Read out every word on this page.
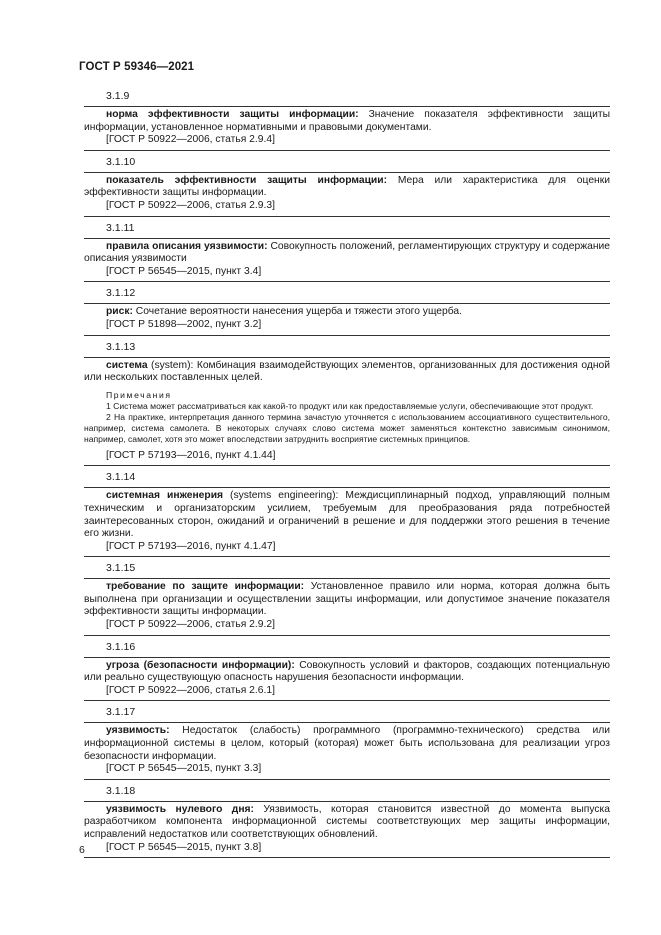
ГОСТ Р 59346—2021
3.1.9

норма эффективности защиты информации: Значение показателя эффективности защиты информации, установленное нормативными и правовыми документами.

[ГОСТ Р 50922—2006, статья 2.9.4]

3.1.10

показатель эффективности защиты информации: Мера или характеристика для оценки эффективности защиты информации.

[ГОСТ Р 50922—2006, статья 2.9.3]

3.1.11

правила описания уязвимости: Совокупность положений, регламентирующих структуру и содержание описания уязвимости

[ГОСТ Р 56545—2015, пункт 3.4]

3.1.12

риск: Сочетание вероятности нанесения ущерба и тяжести этого ущерба.

[ГОСТ Р 51898—2002, пункт 3.2]

3.1.13

система (system): Комбинация взаимодействующих элементов, организованных для достижения одной или нескольких поставленных целей.

Примечания

1 Система может рассматриваться как какой-то продукт или как предоставляемые услуги, обеспечивающие этот продукт.

2 На практике, интерпретация данного термина зачастую уточняется с использованием ассоциативного существительного, например, система самолета. В некоторых случаях слово система может заменяться контекстно зависимым синонимом, например, самолет, хотя это может впоследствии затруднить восприятие системных принципов.

[ГОСТ Р 57193—2016, пункт 4.1.44]

3.1.14

системная инженерия (systems engineering): Междисциплинарный подход, управляющий полным техническим и организаторским усилием, требуемым для преобразования ряда потребностей заинтересованных сторон, ожиданий и ограничений в решение и для поддержки этого решения в течение его жизни.

[ГОСТ Р 57193—2016, пункт 4.1.47]

3.1.15

требование по защите информации: Установленное правило или норма, которая должна быть выполнена при организации и осуществлении защиты информации, или допустимое значение показателя эффективности защиты информации.

[ГОСТ Р 50922—2006, статья 2.9.2]

3.1.16

угроза (безопасности информации): Совокупность условий и факторов, создающих потенциальную или реально существующую опасность нарушения безопасности информации.

[ГОСТ Р 50922—2006, статья 2.6.1]

3.1.17

уязвимость: Недостаток (слабость) программного (программно-технического) средства или информационной системы в целом, который (которая) может быть использована для реализации угроз безопасности информации.

[ГОСТ Р 56545—2015, пункт 3.3]

3.1.18

уязвимость нулевого дня: Уязвимость, которая становится известной до момента выпуска разработчиком компонента информационной системы соответствующих мер защиты информации, исправлений недостатков или соответствующих обновлений.

[ГОСТ Р 56545—2015, пункт 3.8]

6
